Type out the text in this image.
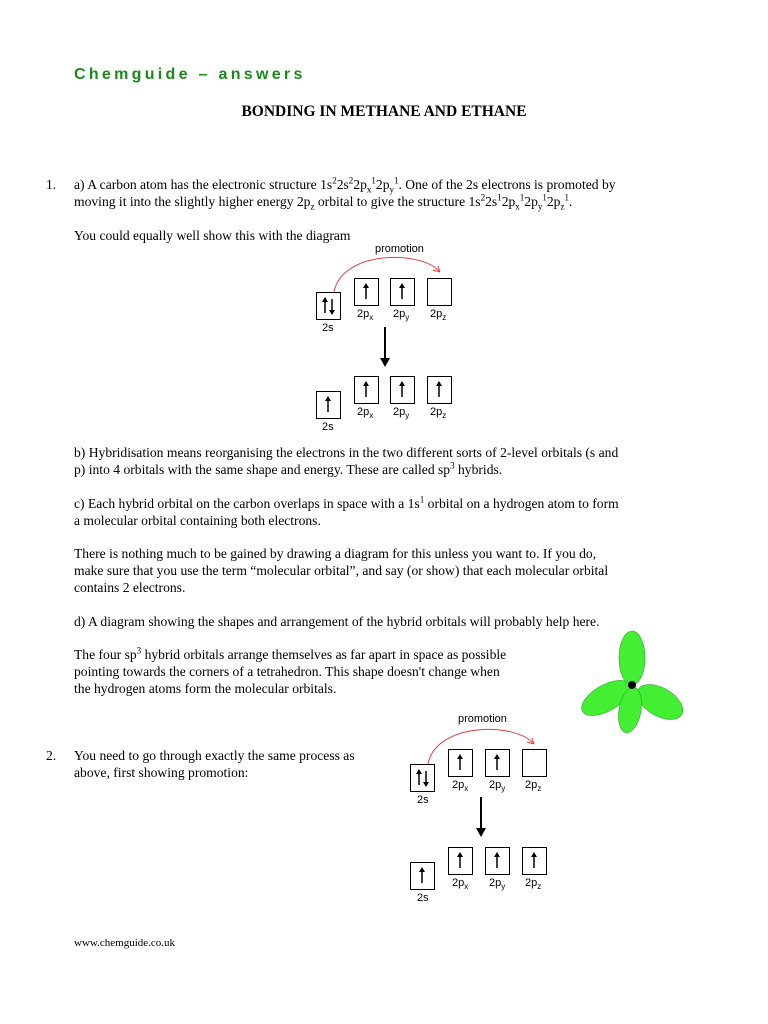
Chemguide – answers
BONDING IN METHANE AND ETHANE
1. a) A carbon atom has the electronic structure $1s^22s^22p_x^12p_y^1$. One of the 2s electrons is promoted by
moving it into the slightly higher energy $2p_z$ orbital to give the structure $1s^22s^12p_x^12p_y^12p_z^1$.
You could equally well show this with the diagram
promotion
2s
$2p_x$ $2p_y$ $2p_z$
2s
$2p_x$ $2p_y$ $2p_z$
b) Hybridisation means reorganising the electrons in the two different sorts of 2-level orbitals (s and
p) into 4 orbitals with the same shape and energy. These are called $sp^3$ hybrids.
c) Each hybrid orbital on the carbon overlaps in space with a $1s^1$ orbital on a hydrogen atom to form
a molecular orbital containing both electrons.
There is nothing much to be gained by drawing a diagram for this unless you want to. If you do,
make sure that you use the term “molecular orbital”, and say (or show) that each molecular orbital
contains 2 electrons.
d) A diagram showing the shapes and arrangement of the hybrid orbitals will probably help here.
The four $sp^3$ hybrid orbitals arrange themselves as far apart in space as possible
pointing towards the corners of a tetrahedron. This shape doesn't change when
the hydrogen atoms form the molecular orbitals.
2. You need to go through exactly the same process as
above, first showing promotion:
promotion
2s
$2p_x$ $2p_y$ $2p_z$
2s
$2p_x$ $2p_y$ $2p_z$
www.chemguide.co.uk
